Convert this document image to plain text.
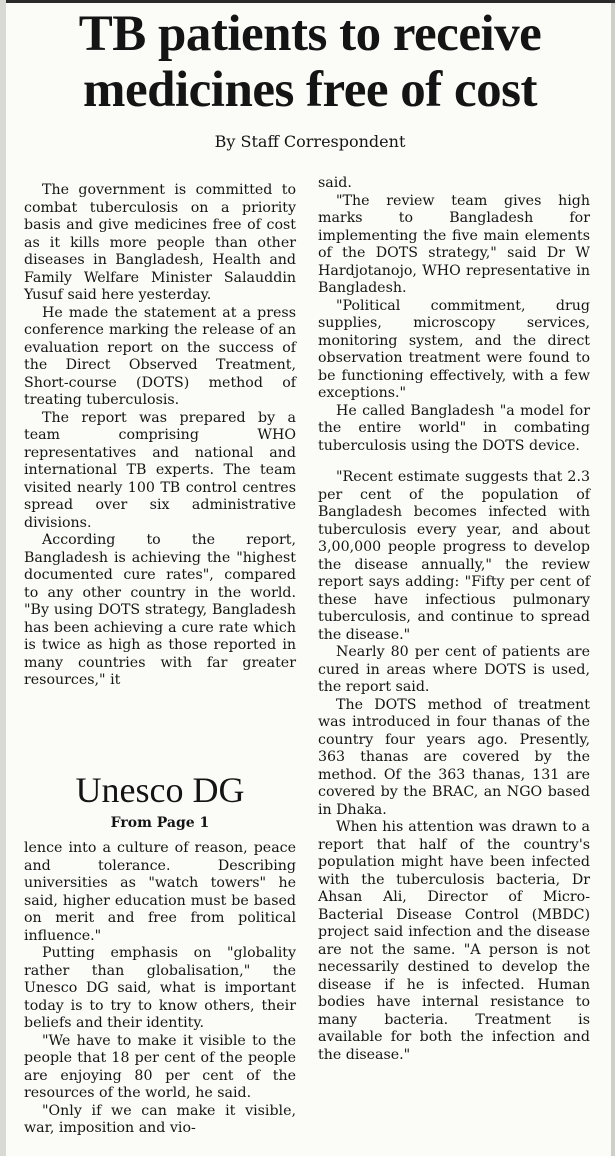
TB patients to receive medicines free of cost
By Staff Correspondent

The government is committed to combat tuberculosis on a priority basis and give medicines free of cost as it kills more people than other diseases in Bangladesh, Health and Family Welfare Minister Salauddin Yusuf said here yesterday.

He made the statement at a press conference marking the release of an evaluation report on the success of the Direct Observed Treatment, Short-course (DOTS) method of treating tuberculosis.

The report was prepared by a team comprising WHO representatives and national and international TB experts. The team visited nearly 100 TB control centres spread over six administrative divisions.

According to the report, Bangladesh is achieving the "highest documented cure rates", compared to any other country in the world. "By using DOTS strategy, Bangladesh has been achieving a cure rate which is twice as high as those reported in many countries with far greater resources," it

said.

"The review team gives high marks to Bangladesh for implementing the five main elements of the DOTS strategy," said Dr W Hardjotanojo, WHO representative in Bangladesh.

"Political commitment, drug supplies, microscopy services, monitoring system, and the direct observation treatment were found to be functioning effectively, with a few exceptions."

He called Bangladesh "a model for the entire world" in combating tuberculosis using the DOTS device.

"Recent estimate suggests that 2.3 per cent of the population of Bangladesh becomes infected with tuberculosis every year, and about 3,00,000 people progress to develop the disease annually," the review report says adding: "Fifty per cent of these have infectious pulmonary tuberculosis, and continue to spread the disease."

Nearly 80 per cent of patients are cured in areas where DOTS is used, the report said.

The DOTS method of treatment was introduced in four thanas of the country four years ago. Presently, 363 thanas are covered by the method. Of the 363 thanas, 131 are covered by the BRAC, an NGO based in Dhaka.

When his attention was drawn to a report that half of the country's population might have been infected with the tuberculosis bacteria, Dr Ahsan Ali, Director of Micro-Bacterial Disease Control (MBDC) project said infection and the disease are not the same. "A person is not necessarily destined to develop the disease if he is infected. Human bodies have internal resistance to many bacteria. Treatment is available for both the infection and the disease."

Unesco DG
From Page 1

lence into a culture of reason, peace and tolerance. Describing universities as "watch towers" he said, higher education must be based on merit and free from political influence."

Putting emphasis on "globality rather than globalisation," the Unesco DG said, what is important today is to try to know others, their beliefs and their identity.

"We have to make it visible to the people that 18 per cent of the people are enjoying 80 per cent of the resources of the world, he said.

"Only if we can make it visible, war, imposition and vio-
